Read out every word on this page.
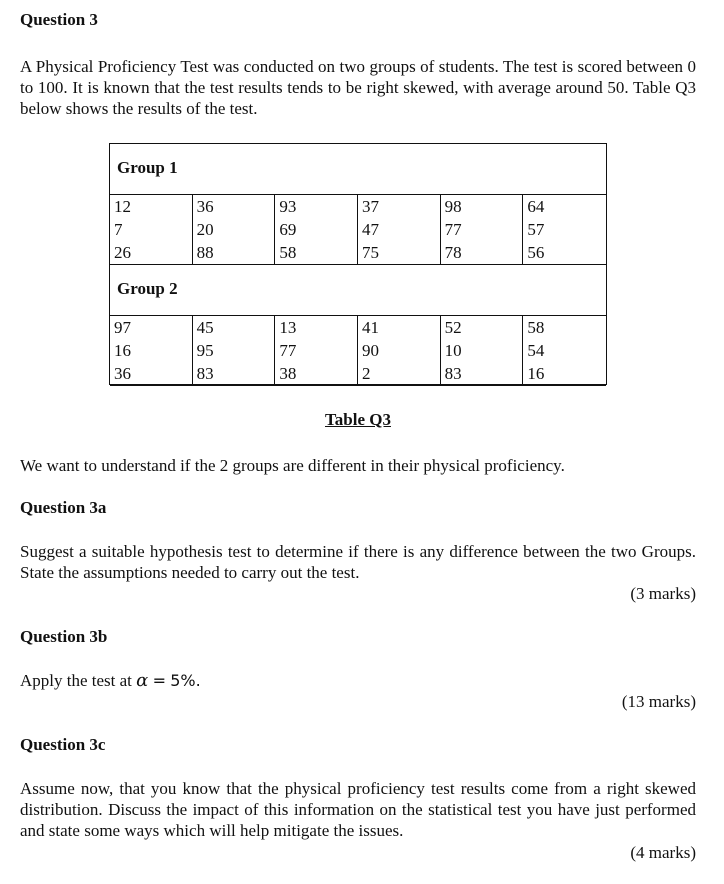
Question 3
A Physical Proficiency Test was conducted on two groups of students. The test is scored between 0 to 100. It is known that the test results tends to be right skewed, with average around 50. Table Q3 below shows the results of the test.
Group 1
12	36	93	37	98	64
7	20	69	47	77	57
26	88	58	75	78	56
Group 2
97	45	13	41	52	58
16	95	77	90	10	54
36	83	38	2	83	16
Table Q3
We want to understand if the 2 groups are different in their physical proficiency.
Question 3a
Suggest a suitable hypothesis test to determine if there is any difference between the two Groups. State the assumptions needed to carry out the test.
(3 marks)
Question 3b
Apply the test at α = 5%.
(13 marks)
Question 3c
Assume now, that you know that the physical proficiency test results come from a right skewed distribution. Discuss the impact of this information on the statistical test you have just performed and state some ways which will help mitigate the issues.
(4 marks)
